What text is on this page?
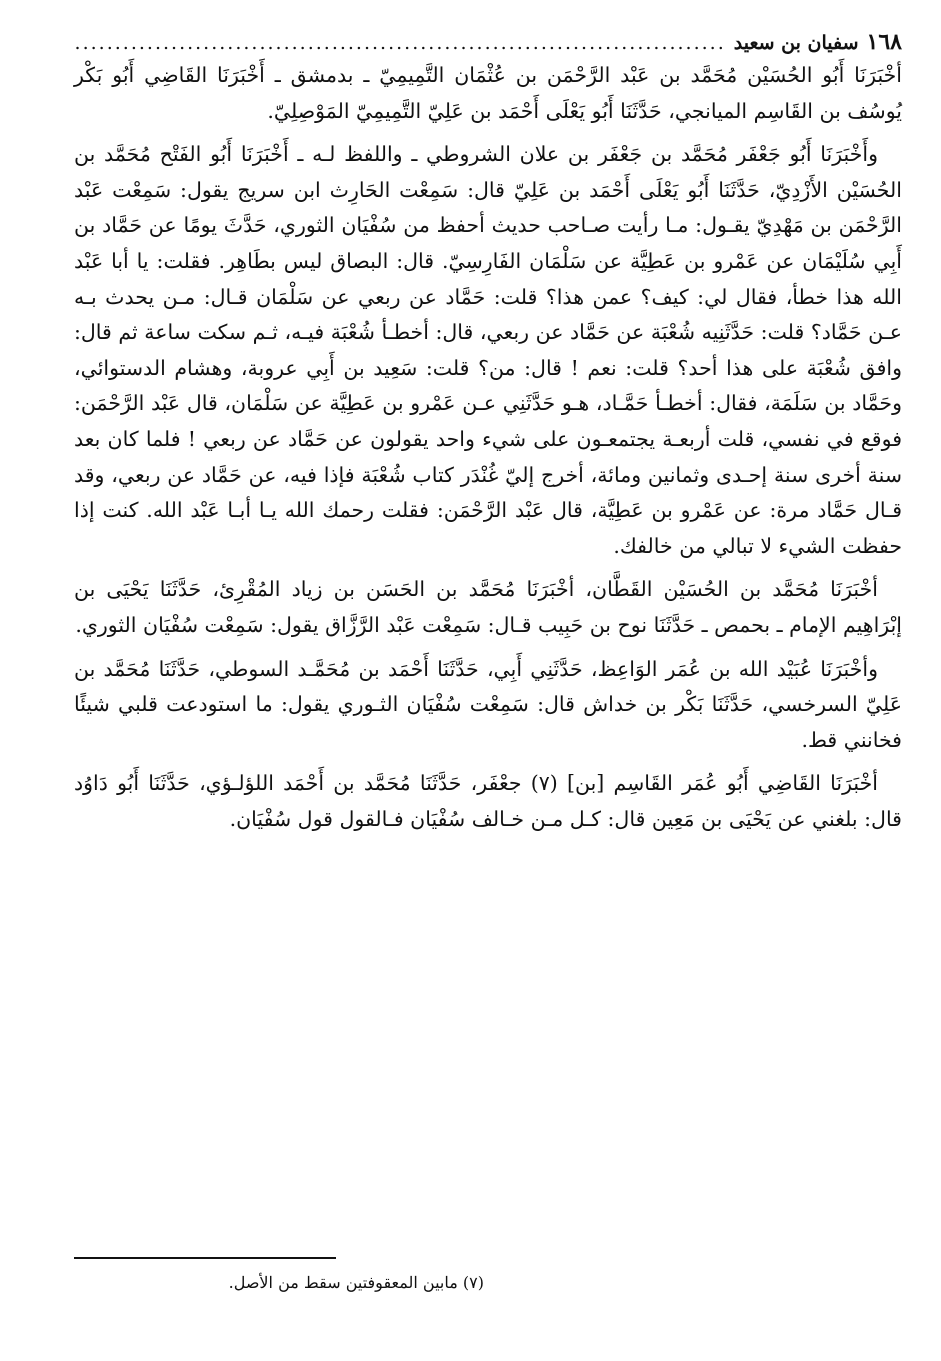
١٦٨
سفيان بن سعيد
.....

أخْبَرَنَا أَبُو الحُسَيْن مُحَمَّد بن عَبْد الرَّحْمَن بن عُثْمَان التَّمِيمِيّ ـ بدمشق ـ أَخْبَرَنَا القَاضِي أَبُو بَكْر يُوسُف بن القَاسِم الميانجي، حَدَّثَنَا أَبُو يَعْلَى أَحْمَد بن عَلِيّ التَّمِيمِيّ المَوْصِلِيّ.

وأَخْبَرَنَا أَبُو جَعْفَر مُحَمَّد بن جَعْفَر بن علان الشروطي ـ واللفظ لـه ـ أَخْبَرَنَا أَبُو الفَتْح مُحَمَّد بن الحُسَيْن الأَزْدِيّ، حَدَّثَنَا أَبُو يَعْلَى أَحْمَد بن عَلِيّ قال: سَمِعْت الحَارِث ابن سريج يقول: سَمِعْت عَبْد الرَّحْمَن بن مَهْدِيّ يقـول: مـا رأيت صـاحب حديث أحفظ من سُفْيَان الثوري، حَدَّثَ يومًا عن حَمَّاد بن أَبِي سُلَيْمَان عن عَمْرو بن عَطِيَّة عن سَلْمَان الفَارِسِيّ. قال: البصاق ليس بطَاهِر. فقلت: يا أبا عَبْد الله هذا خطأ، فقال لي: كيف؟ عمن هذا؟ قلت: حَمَّاد عن ربعي عن سَلْمَان قـال: مـن يحدث بـه عـن حَمَّاد؟ قلت: حَدَّثَنِيه شُعْبَة عن حَمَّاد عن ربعي، قال: أخطـأ شُعْبَة فيـه، ثـم سكت ساعة ثم قال: وافق شُعْبَة على هذا أحد؟ قلت: نعم ! قال: من؟ قلت: سَعِيد بن أَبِي عروبة، وهشام الدستوائي، وحَمَّاد بن سَلَمَة، فقال: أخطـأ حَمَّـاد، هـو حَدَّثَنِي عـن عَمْرو بن عَطِيَّة عن سَلْمَان، قال عَبْد الرَّحْمَن: فوقع في نفسي، قلت أربعـة يجتمعـون على شيء واحد يقولون عن حَمَّاد عن ربعي ! فلما كان بعد سنة أخرى سنة إحـدى وثمانين ومائة، أخرج إليّ غُنْدَر كتاب شُعْبَة فإذا فيه، عن حَمَّاد عن ربعي، وقد قـال حَمَّاد مرة: عن عَمْرو بن عَطِيَّة، قال عَبْد الرَّحْمَن: فقلت رحمك الله يـا أبـا عَبْد الله. كنت إذا حفظت الشيء لا تبالي من خالفك.

أخْبَرَنَا مُحَمَّد بن الحُسَيْن القَطَّان، أخْبَرَنَا مُحَمَّد بن الحَسَن بن زياد المُقْرِئ، حَدَّثَنَا يَحْيَى بن إبْرَاهِيم الإمام ـ بحمص ـ حَدَّثَنَا نوح بن حَبِيب قـال: سَمِعْت عَبْد الرَّزَّاق يقول: سَمِعْت سُفْيَان الثوري.

وأخْبَرَنَا عُبَيْد الله بن عُمَر الوَاعِظ، حَدَّثَنِي أَبِي، حَدَّثَنَا أَحْمَد بن مُحَمَّـد السوطي، حَدَّثَنَا مُحَمَّد بن عَلِيّ السرخسي، حَدَّثَنَا بَكْر بن خداش قال: سَمِعْت سُفْيَان الثـوري يقول: ما استودعت قلبي شيئًا فخانني قط.

أخْبَرَنَا القَاضِي أَبُو عُمَر القَاسِم [بن] (٧) جعْفَر، حَدَّثَنَا مُحَمَّد بن أَحْمَد اللؤلـؤي، حَدَّثَنَا أَبُو دَاوُد قال: بلغني عن يَحْيَى بن مَعِين قال: كـل مـن خـالف سُفْيَان فـالقول قول سُفْيَان.

(٧) مابين المعقوفتين سقط من الأصل.
